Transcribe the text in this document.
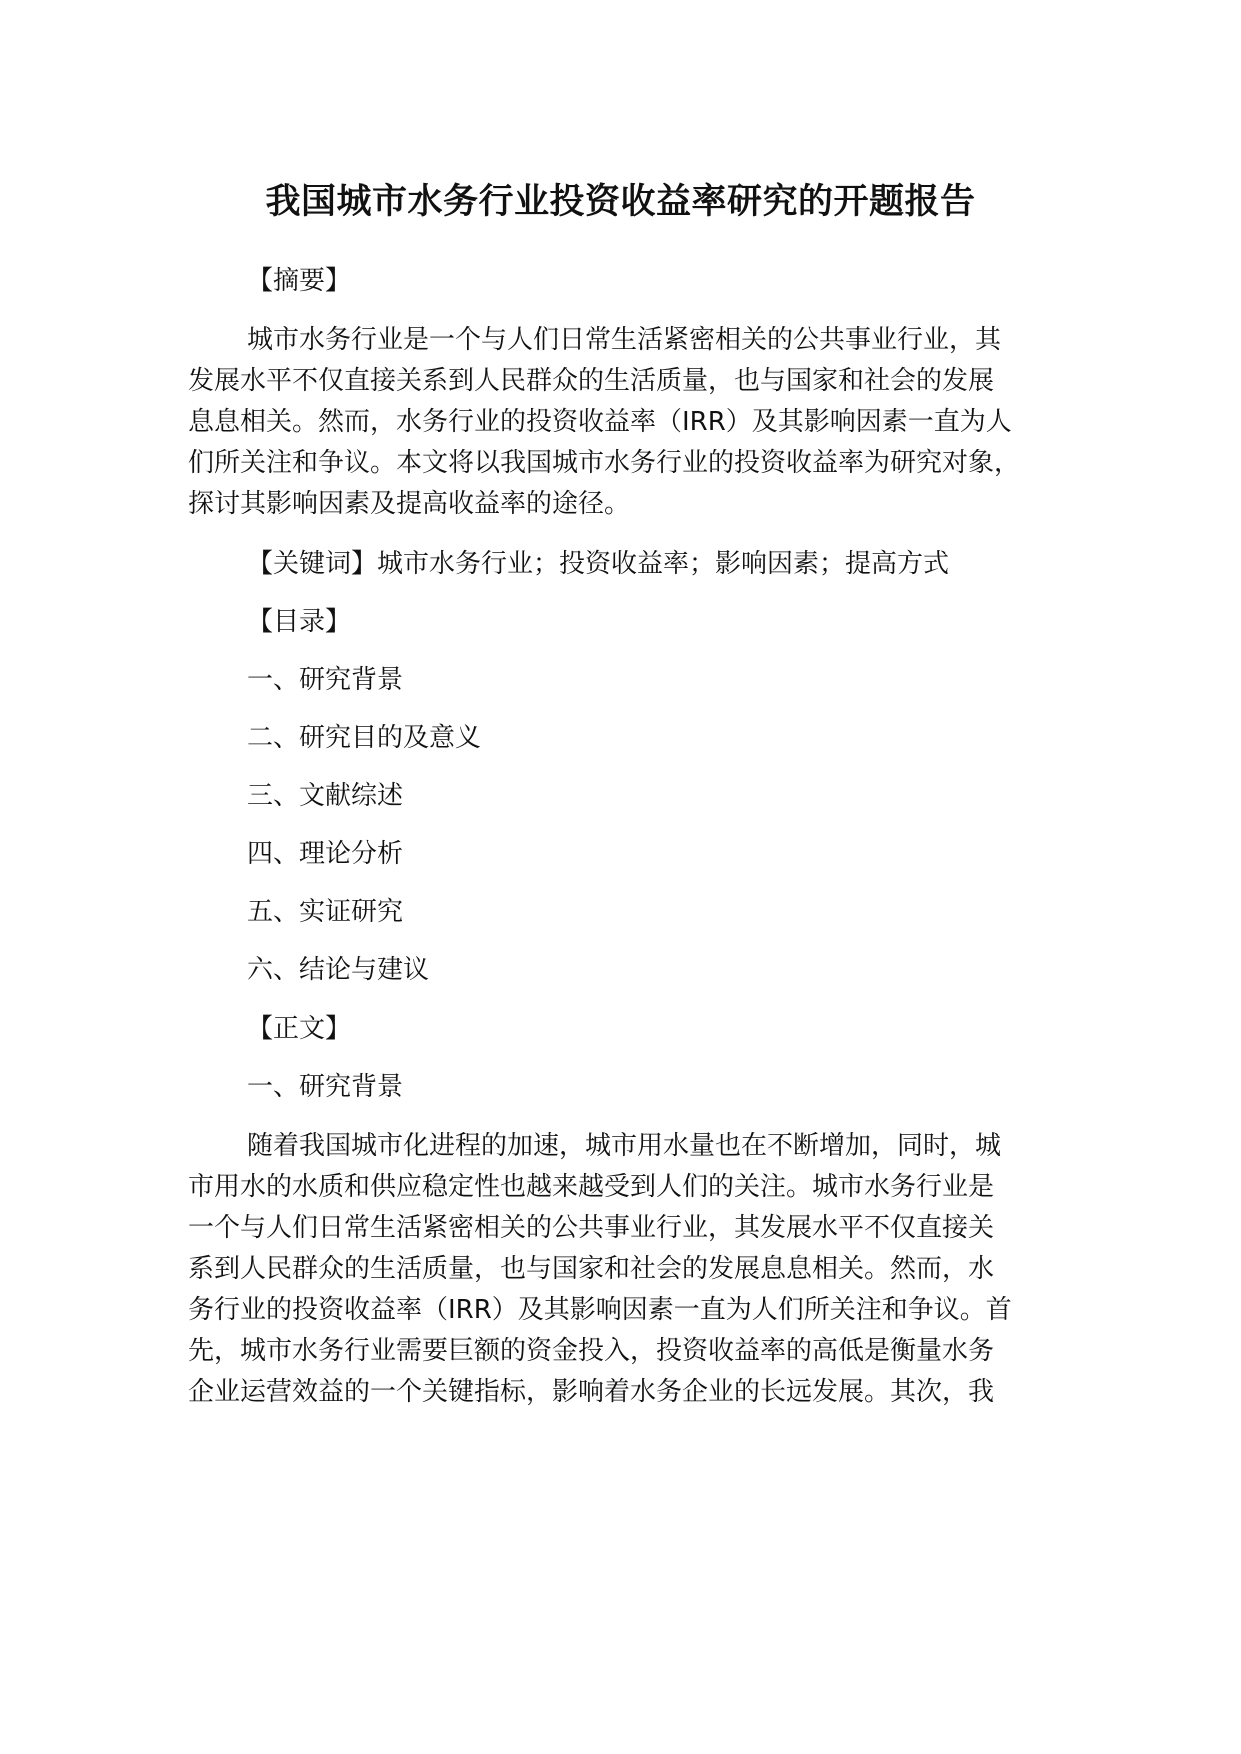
我国城市水务行业投资收益率研究的开题报告
【摘要】
城市水务行业是一个与人们日常生活紧密相关的公共事业行业，其
发展水平不仅直接关系到人民群众的生活质量，也与国家和社会的发展
息息相关。然而，水务行业的投资收益率（IRR）及其影响因素一直为人
们所关注和争议。本文将以我国城市水务行业的投资收益率为研究对象，
探讨其影响因素及提高收益率的途径。
【关键词】城市水务行业；投资收益率；影响因素；提高方式
【目录】
一、研究背景
二、研究目的及意义
三、文献综述
四、理论分析
五、实证研究
六、结论与建议
【正文】
一、研究背景
随着我国城市化进程的加速，城市用水量也在不断增加，同时，城
市用水的水质和供应稳定性也越来越受到人们的关注。城市水务行业是
一个与人们日常生活紧密相关的公共事业行业，其发展水平不仅直接关
系到人民群众的生活质量，也与国家和社会的发展息息相关。然而，水
务行业的投资收益率（IRR）及其影响因素一直为人们所关注和争议。首
先，城市水务行业需要巨额的资金投入，投资收益率的高低是衡量水务
企业运营效益的一个关键指标，影响着水务企业的长远发展。其次，我
